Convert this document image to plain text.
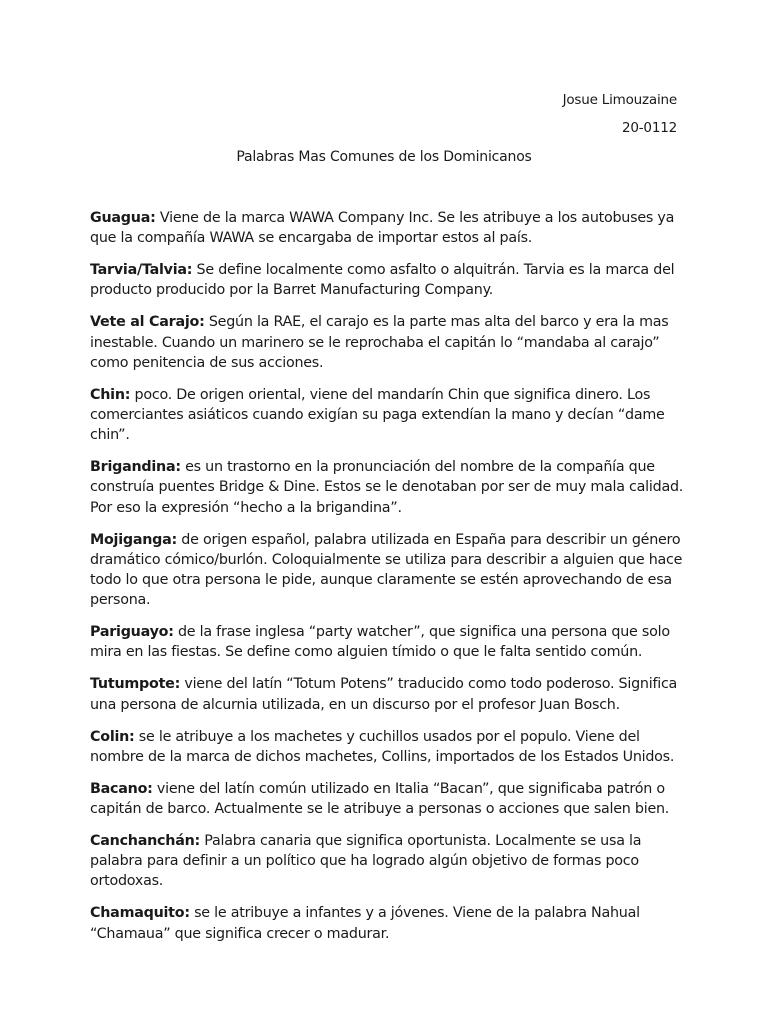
Josue Limouzaine
20-0112
Palabras Mas Comunes de los Dominicanos
Guagua: Viene de la marca WAWA Company Inc. Se les atribuye a los autobuses ya que la compañía WAWA se encargaba de importar estos al país.
Tarvia/Talvia: Se define localmente como asfalto o alquitrán. Tarvia es la marca del producto producido por la Barret Manufacturing Company.
Vete al Carajo: Según la RAE, el carajo es la parte mas alta del barco y era la mas inestable. Cuando un marinero se le reprochaba el capitán lo “mandaba al carajo” como penitencia de sus acciones.
Chin: poco. De origen oriental, viene del mandarín Chin que significa dinero. Los comerciantes asiáticos cuando exigían su paga extendían la mano y decían “dame chin”.
Brigandina: es un trastorno en la pronunciación del nombre de la compañía que construía puentes Bridge & Dine. Estos se le denotaban por ser de muy mala calidad. Por eso la expresión “hecho a la brigandina”.
Mojiganga: de origen español, palabra utilizada en España para describir un género dramático cómico/burlón. Coloquialmente se utiliza para describir a alguien que hace todo lo que otra persona le pide, aunque claramente se estén aprovechando de esa persona.
Pariguayo: de la frase inglesa “party watcher”, que significa una persona que solo mira en las fiestas. Se define como alguien tímido o que le falta sentido común.
Tutumpote: viene del latín “Totum Potens” traducido como todo poderoso. Significa una persona de alcurnia utilizada, en un discurso por el profesor Juan Bosch.
Colin: se le atribuye a los machetes y cuchillos usados por el populo. Viene del nombre de la marca de dichos machetes, Collins, importados de los Estados Unidos.
Bacano: viene del latín común utilizado en Italia “Bacan”, que significaba patrón o capitán de barco. Actualmente se le atribuye a personas o acciones que salen bien.
Canchanchán: Palabra canaria que significa oportunista. Localmente se usa la palabra para definir a un político que ha logrado algún objetivo de formas poco ortodoxas.
Chamaquito: se le atribuye a infantes y a jóvenes. Viene de la palabra Nahual “Chamaua” que significa crecer o madurar.
